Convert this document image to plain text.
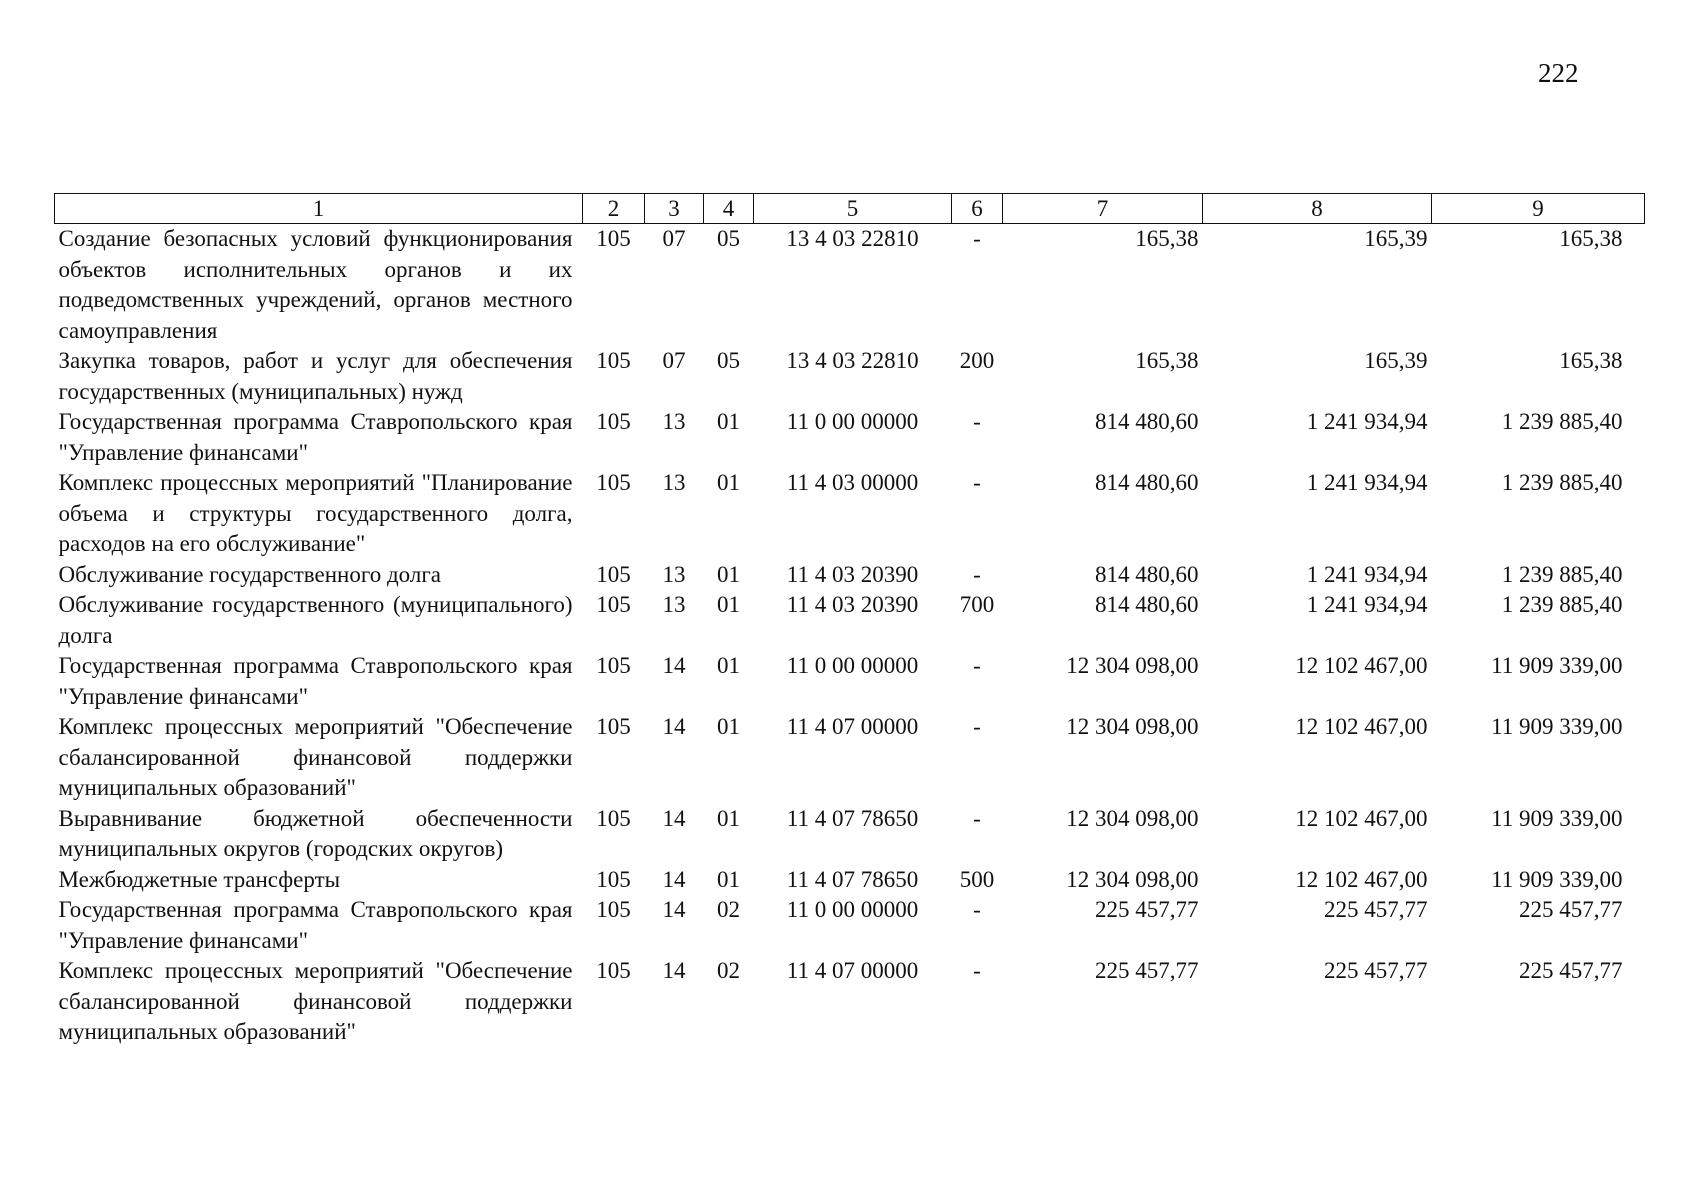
222
1	2	3	4	5	6	7	8	9
Создание безопасных условий функционирования объектов исполнительных органов и их подведомственных учреждений, органов местного самоуправления	105	07	05	13 4 03 22810	-	165,38	165,39	165,38
Закупка товаров, работ и услуг для обеспечения государственных (муниципальных) нужд	105	07	05	13 4 03 22810	200	165,38	165,39	165,38
Государственная программа Ставропольского края "Управление финансами"	105	13	01	11 0 00 00000	-	814 480,60	1 241 934,94	1 239 885,40
Комплекс процессных мероприятий "Планирование объема и структуры государственного долга, расходов на его обслуживание"	105	13	01	11 4 03 00000	-	814 480,60	1 241 934,94	1 239 885,40
Обслуживание государственного долга	105	13	01	11 4 03 20390	-	814 480,60	1 241 934,94	1 239 885,40
Обслуживание государственного (муниципального) долга	105	13	01	11 4 03 20390	700	814 480,60	1 241 934,94	1 239 885,40
Государственная программа Ставропольского края "Управление финансами"	105	14	01	11 0 00 00000	-	12 304 098,00	12 102 467,00	11 909 339,00
Комплекс процессных мероприятий "Обеспечение сбалансированной финансовой поддержки муниципальных образований"	105	14	01	11 4 07 00000	-	12 304 098,00	12 102 467,00	11 909 339,00
Выравнивание бюджетной обеспеченности муниципальных округов (городских округов)	105	14	01	11 4 07 78650	-	12 304 098,00	12 102 467,00	11 909 339,00
Межбюджетные трансферты	105	14	01	11 4 07 78650	500	12 304 098,00	12 102 467,00	11 909 339,00
Государственная программа Ставропольского края "Управление финансами"	105	14	02	11 0 00 00000	-	225 457,77	225 457,77	225 457,77
Комплекс процессных мероприятий "Обеспечение сбалансированной финансовой поддержки муниципальных образований"	105	14	02	11 4 07 00000	-	225 457,77	225 457,77	225 457,77
